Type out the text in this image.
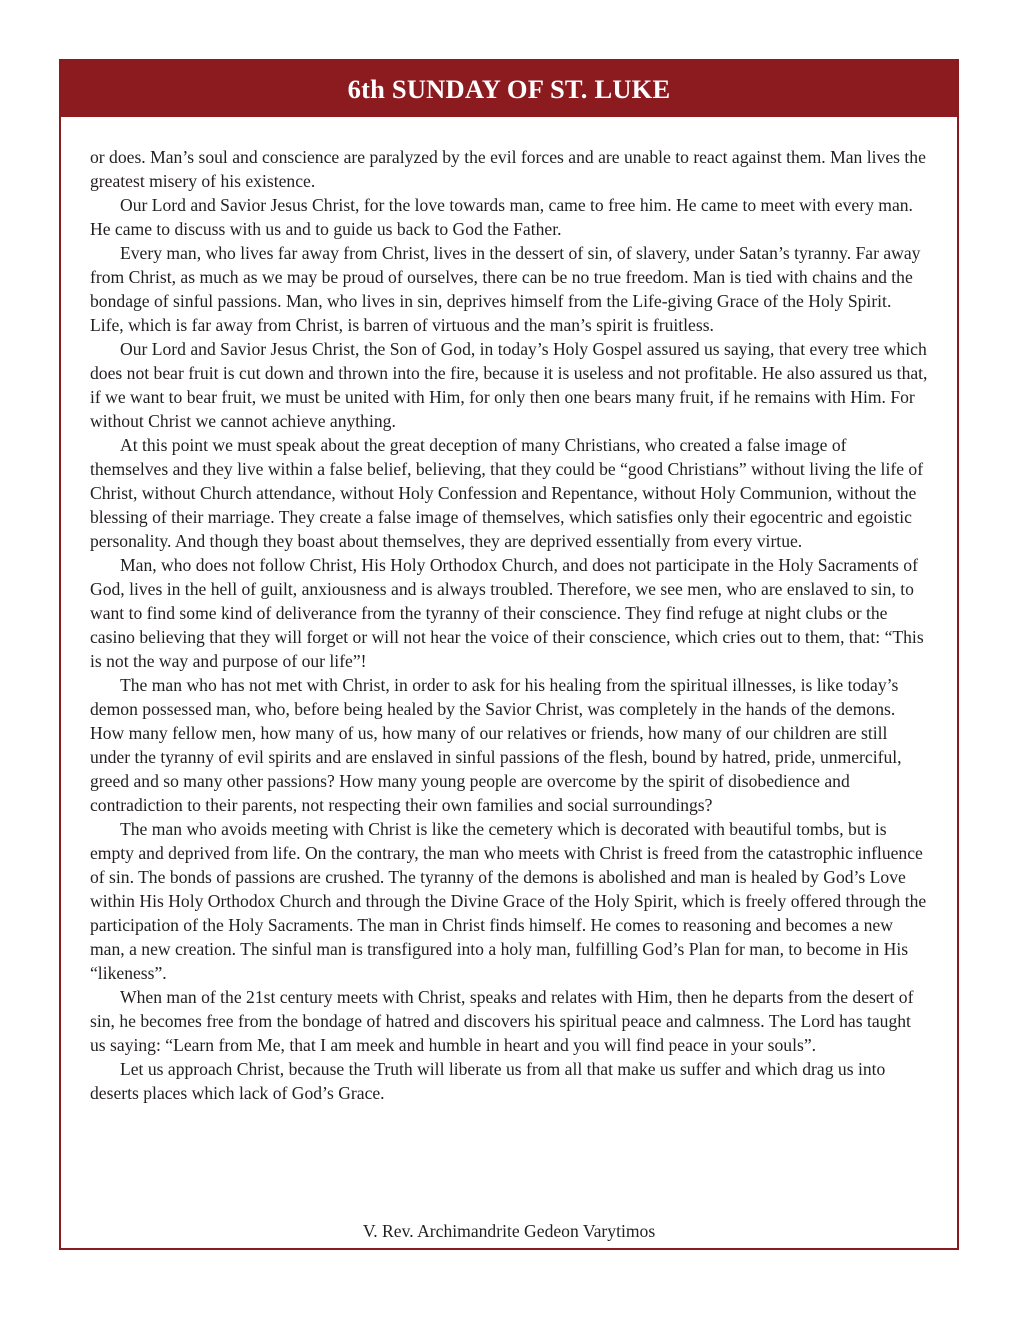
6th SUNDAY OF ST. LUKE

or does. Man’s soul and conscience are paralyzed by the evil forces and are unable to react against them. Man lives the greatest misery of his existence.

Our Lord and Savior Jesus Christ, for the love towards man, came to free him. He came to meet with every man. He came to discuss with us and to guide us back to God the Father.

Every man, who lives far away from Christ, lives in the dessert of sin, of slavery, under Satan’s tyranny. Far away from Christ, as much as we may be proud of ourselves, there can be no true freedom. Man is tied with chains and the bondage of sinful passions. Man, who lives in sin, deprives himself from the Life-giving Grace of the Holy Spirit. Life, which is far away from Christ, is barren of virtuous and the man’s spirit is fruitless.

Our Lord and Savior Jesus Christ, the Son of God, in today’s Holy Gospel assured us saying, that every tree which does not bear fruit is cut down and thrown into the fire, because it is useless and not profitable. He also assured us that, if we want to bear fruit, we must be united with Him, for only then one bears many fruit, if he remains with Him. For without Christ we cannot achieve anything.

At this point we must speak about the great deception of many Christians, who created a false image of themselves and they live within a false belief, believing, that they could be “good Christians” without living the life of Christ, without Church attendance, without Holy Confession and Repentance, without Holy Communion, without the blessing of their marriage. They create a false image of themselves, which satisfies only their egocentric and egoistic personality. And though they boast about themselves, they are deprived essentially from every virtue.

Man, who does not follow Christ, His Holy Orthodox Church, and does not participate in the Holy Sacraments of God, lives in the hell of guilt, anxiousness and is always troubled. Therefore, we see men, who are enslaved to sin, to want to find some kind of deliverance from the tyranny of their conscience. They find refuge at night clubs or the casino believing that they will forget or will not hear the voice of their conscience, which cries out to them, that: “This is not the way and purpose of our life”!

The man who has not met with Christ, in order to ask for his healing from the spiritual illnesses, is like today’s demon possessed man, who, before being healed by the Savior Christ, was completely in the hands of the demons. How many fellow men, how many of us, how many of our relatives or friends, how many of our children are still under the tyranny of evil spirits and are enslaved in sinful passions of the flesh, bound by hatred, pride, unmerciful, greed and so many other passions? How many young people are overcome by the spirit of disobedience and contradiction to their parents, not respecting their own families and social surroundings?

The man who avoids meeting with Christ is like the cemetery which is decorated with beautiful tombs, but is empty and deprived from life. On the contrary, the man who meets with Christ is freed from the catastrophic influence of sin. The bonds of passions are crushed. The tyranny of the demons is abolished and man is healed by God’s Love within His Holy Orthodox Church and through the Divine Grace of the Holy Spirit, which is freely offered through the participation of the Holy Sacraments. The man in Christ finds himself. He comes to reasoning and becomes a new man, a new creation. The sinful man is transfigured into a holy man, fulfilling God’s Plan for man, to become in His “likeness”.

When man of the 21st century meets with Christ, speaks and relates with Him, then he departs from the desert of sin, he becomes free from the bondage of hatred and discovers his spiritual peace and calmness. The Lord has taught us saying: “Learn from Me, that I am meek and humble in heart and you will find peace in your souls”.

Let us approach Christ, because the Truth will liberate us from all that make us suffer and which drag us into deserts places which lack of God’s Grace.

V. Rev. Archimandrite Gedeon Varytimos
